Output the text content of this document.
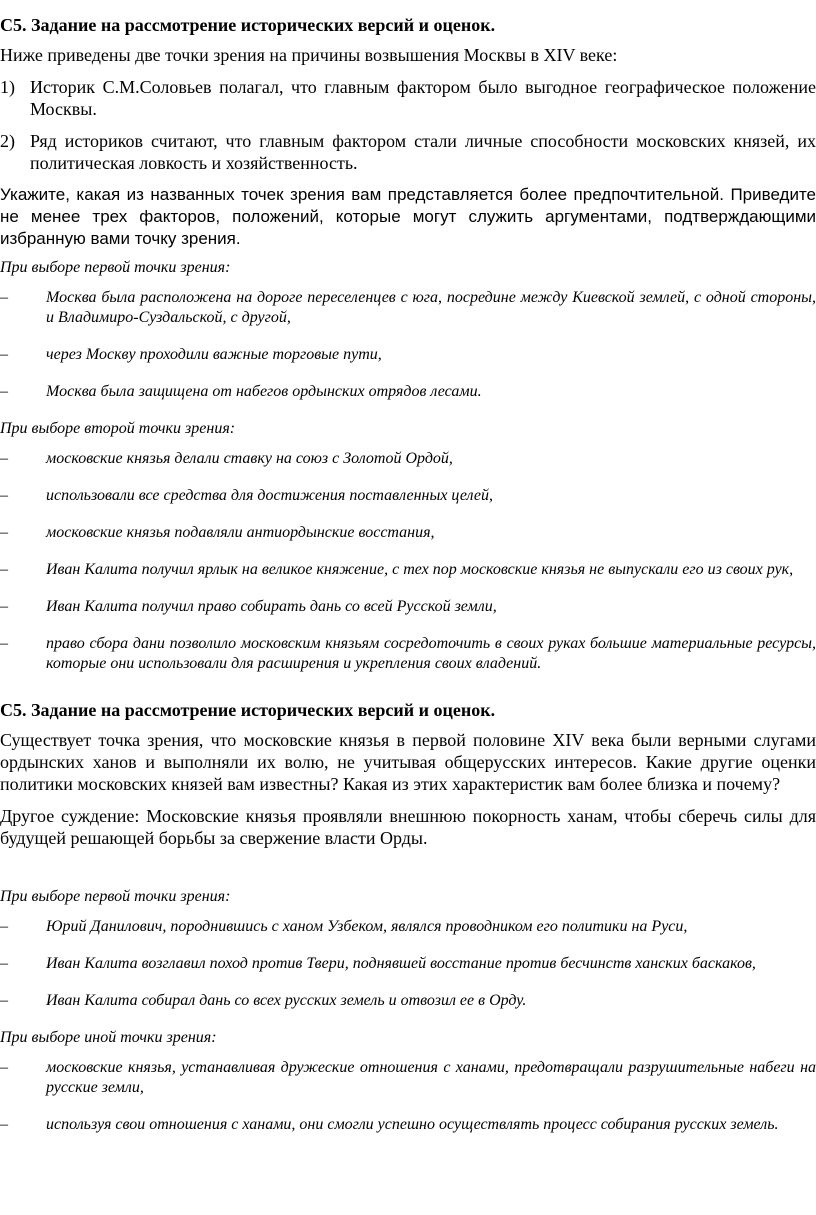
С5. Задание на рассмотрение исторических версий и оценок.
Ниже приведены две точки зрения на причины возвышения Москвы в XIV веке:
1) Историк С.М.Соловьев полагал, что главным фактором было выгодное географическое положение Москвы.
2) Ряд историков считают, что главным фактором стали личные способности московских князей, их политическая ловкость и хозяйственность.
Укажите, какая из названных точек зрения вам представляется более предпочтительной. Приведите не менее трех факторов, положений, которые могут служить аргументами, подтверждающими избранную вами точку зрения.
При выборе первой точки зрения:
– Москва была расположена на дороге переселенцев с юга, посредине между Киевской землей, с одной стороны, и Владимиро-Суздальской, с другой,
– через Москву проходили важные торговые пути,
– Москва была защищена от набегов ордынских отрядов лесами.
При выборе второй точки зрения:
– московские князья делали ставку на союз с Золотой Ордой,
– использовали все средства для достижения поставленных целей,
– московские князья подавляли антиордынские восстания,
– Иван Калита получил ярлык на великое княжение, с тех пор московские князья не выпускали его из своих рук,
– Иван Калита получил право собирать дань со всей Русской земли,
– право сбора дани позволило московским князьям сосредоточить в своих руках большие материальные ресурсы, которые они использовали для расширения и укрепления своих владений.
С5. Задание на рассмотрение исторических версий и оценок.
Существует точка зрения, что московские князья в первой половине XIV века были верными слугами ордынских ханов и выполняли их волю, не учитывая общерусских интересов. Какие другие оценки политики московских князей вам известны? Какая из этих характеристик вам более близка и почему?
Другое суждение: Московские князья проявляли внешнюю покорность ханам, чтобы сберечь силы для будущей решающей борьбы за свержение власти Орды.
При выборе первой точки зрения:
– Юрий Данилович, породнившись с ханом Узбеком, являлся проводником его политики на Руси,
– Иван Калита возглавил поход против Твери, поднявшей восстание против бесчинств ханских баскаков,
– Иван Калита собирал дань со всех русских земель и отвозил ее в Орду.
При выборе иной точки зрения:
– московские князья, устанавливая дружеские отношения с ханами, предотвращали разрушительные набеги на русские земли,
– используя свои отношения с ханами, они смогли успешно осуществлять процесс собирания русских земель.
